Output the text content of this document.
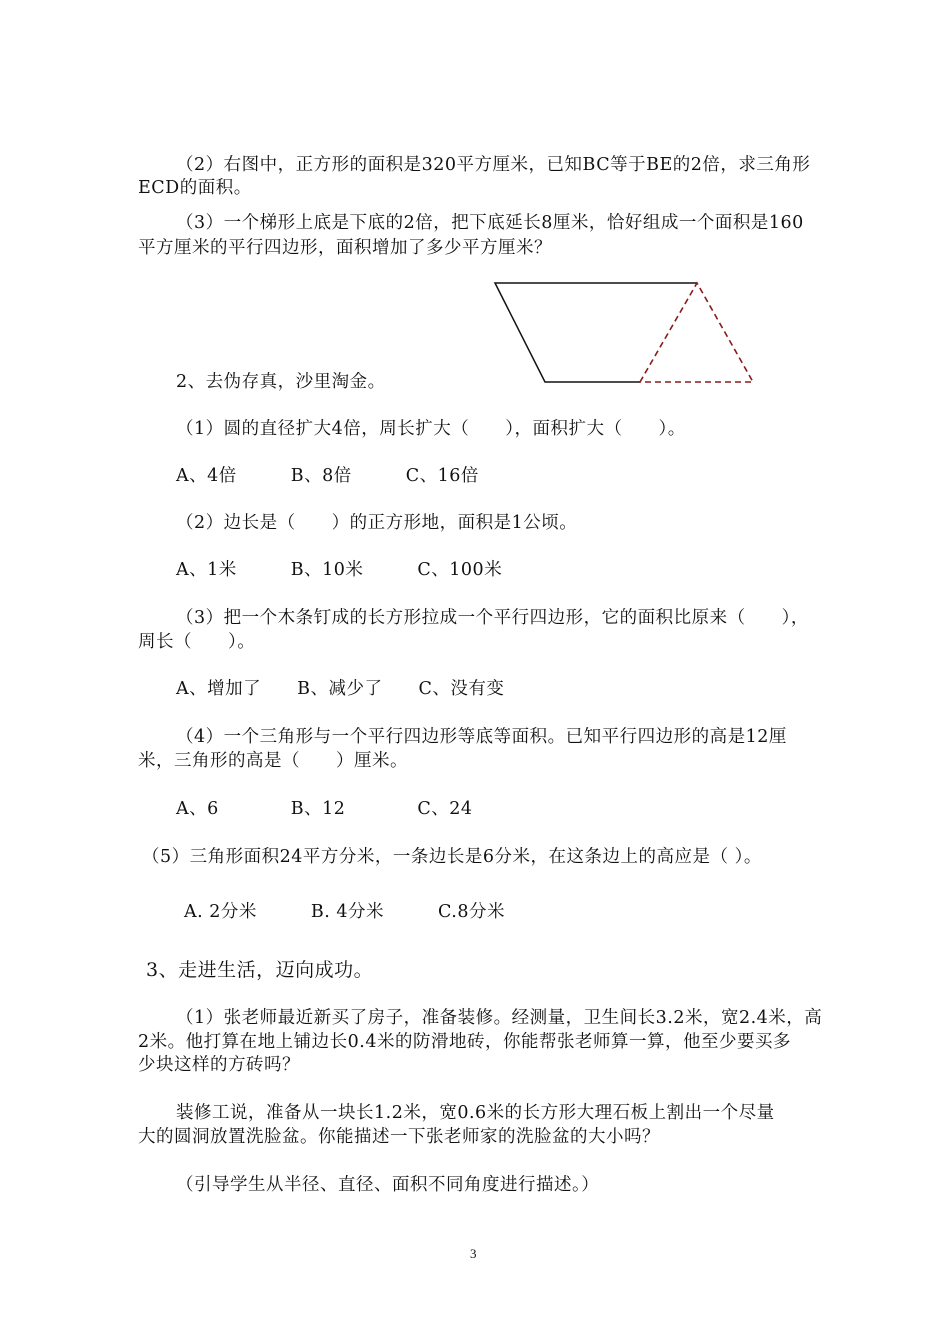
（2）右图中，正方形的面积是320平方厘米，已知BC等于BE的2倍，求三角形
ECD的面积。
（3）一个梯形上底是下底的2倍，把下底延长8厘米，恰好组成一个面积是160
平方厘米的平行四边形，面积增加了多少平方厘米？
2、去伪存真，沙里淘金。
（1）圆的直径扩大4倍，周长扩大（　　），面积扩大（　　）。
A、4倍　　　B、8倍　　　C、16倍
（2）边长是（　　）的正方形地，面积是1公顷。
A、1米　　　B、10米　　　C、100米
（3）把一个木条钉成的长方形拉成一个平行四边形，它的面积比原来（　　），
周长（　　）。
A、增加了　　B、减少了　　C、没有变
（4）一个三角形与一个平行四边形等底等面积。已知平行四边形的高是12厘
米，三角形的高是（　　）厘米。
A、6　　　　B、12　　　　C、24
（5）三角形面积24平方分米，一条边长是6分米，在这条边上的高应是（ ）。
A. 2分米　　　B. 4分米　　　C.8分米
3、走进生活，迈向成功。
（1）张老师最近新买了房子，准备装修。经测量，卫生间长3.2米，宽2.4米，高
2米。他打算在地上铺边长0.4米的防滑地砖，你能帮张老师算一算，他至少要买多
少块这样的方砖吗？
装修工说，准备从一块长1.2米，宽0.6米的长方形大理石板上割出一个尽量
大的圆洞放置洗脸盆。你能描述一下张老师家的洗脸盆的大小吗？
（引导学生从半径、直径、面积不同角度进行描述。）
3
